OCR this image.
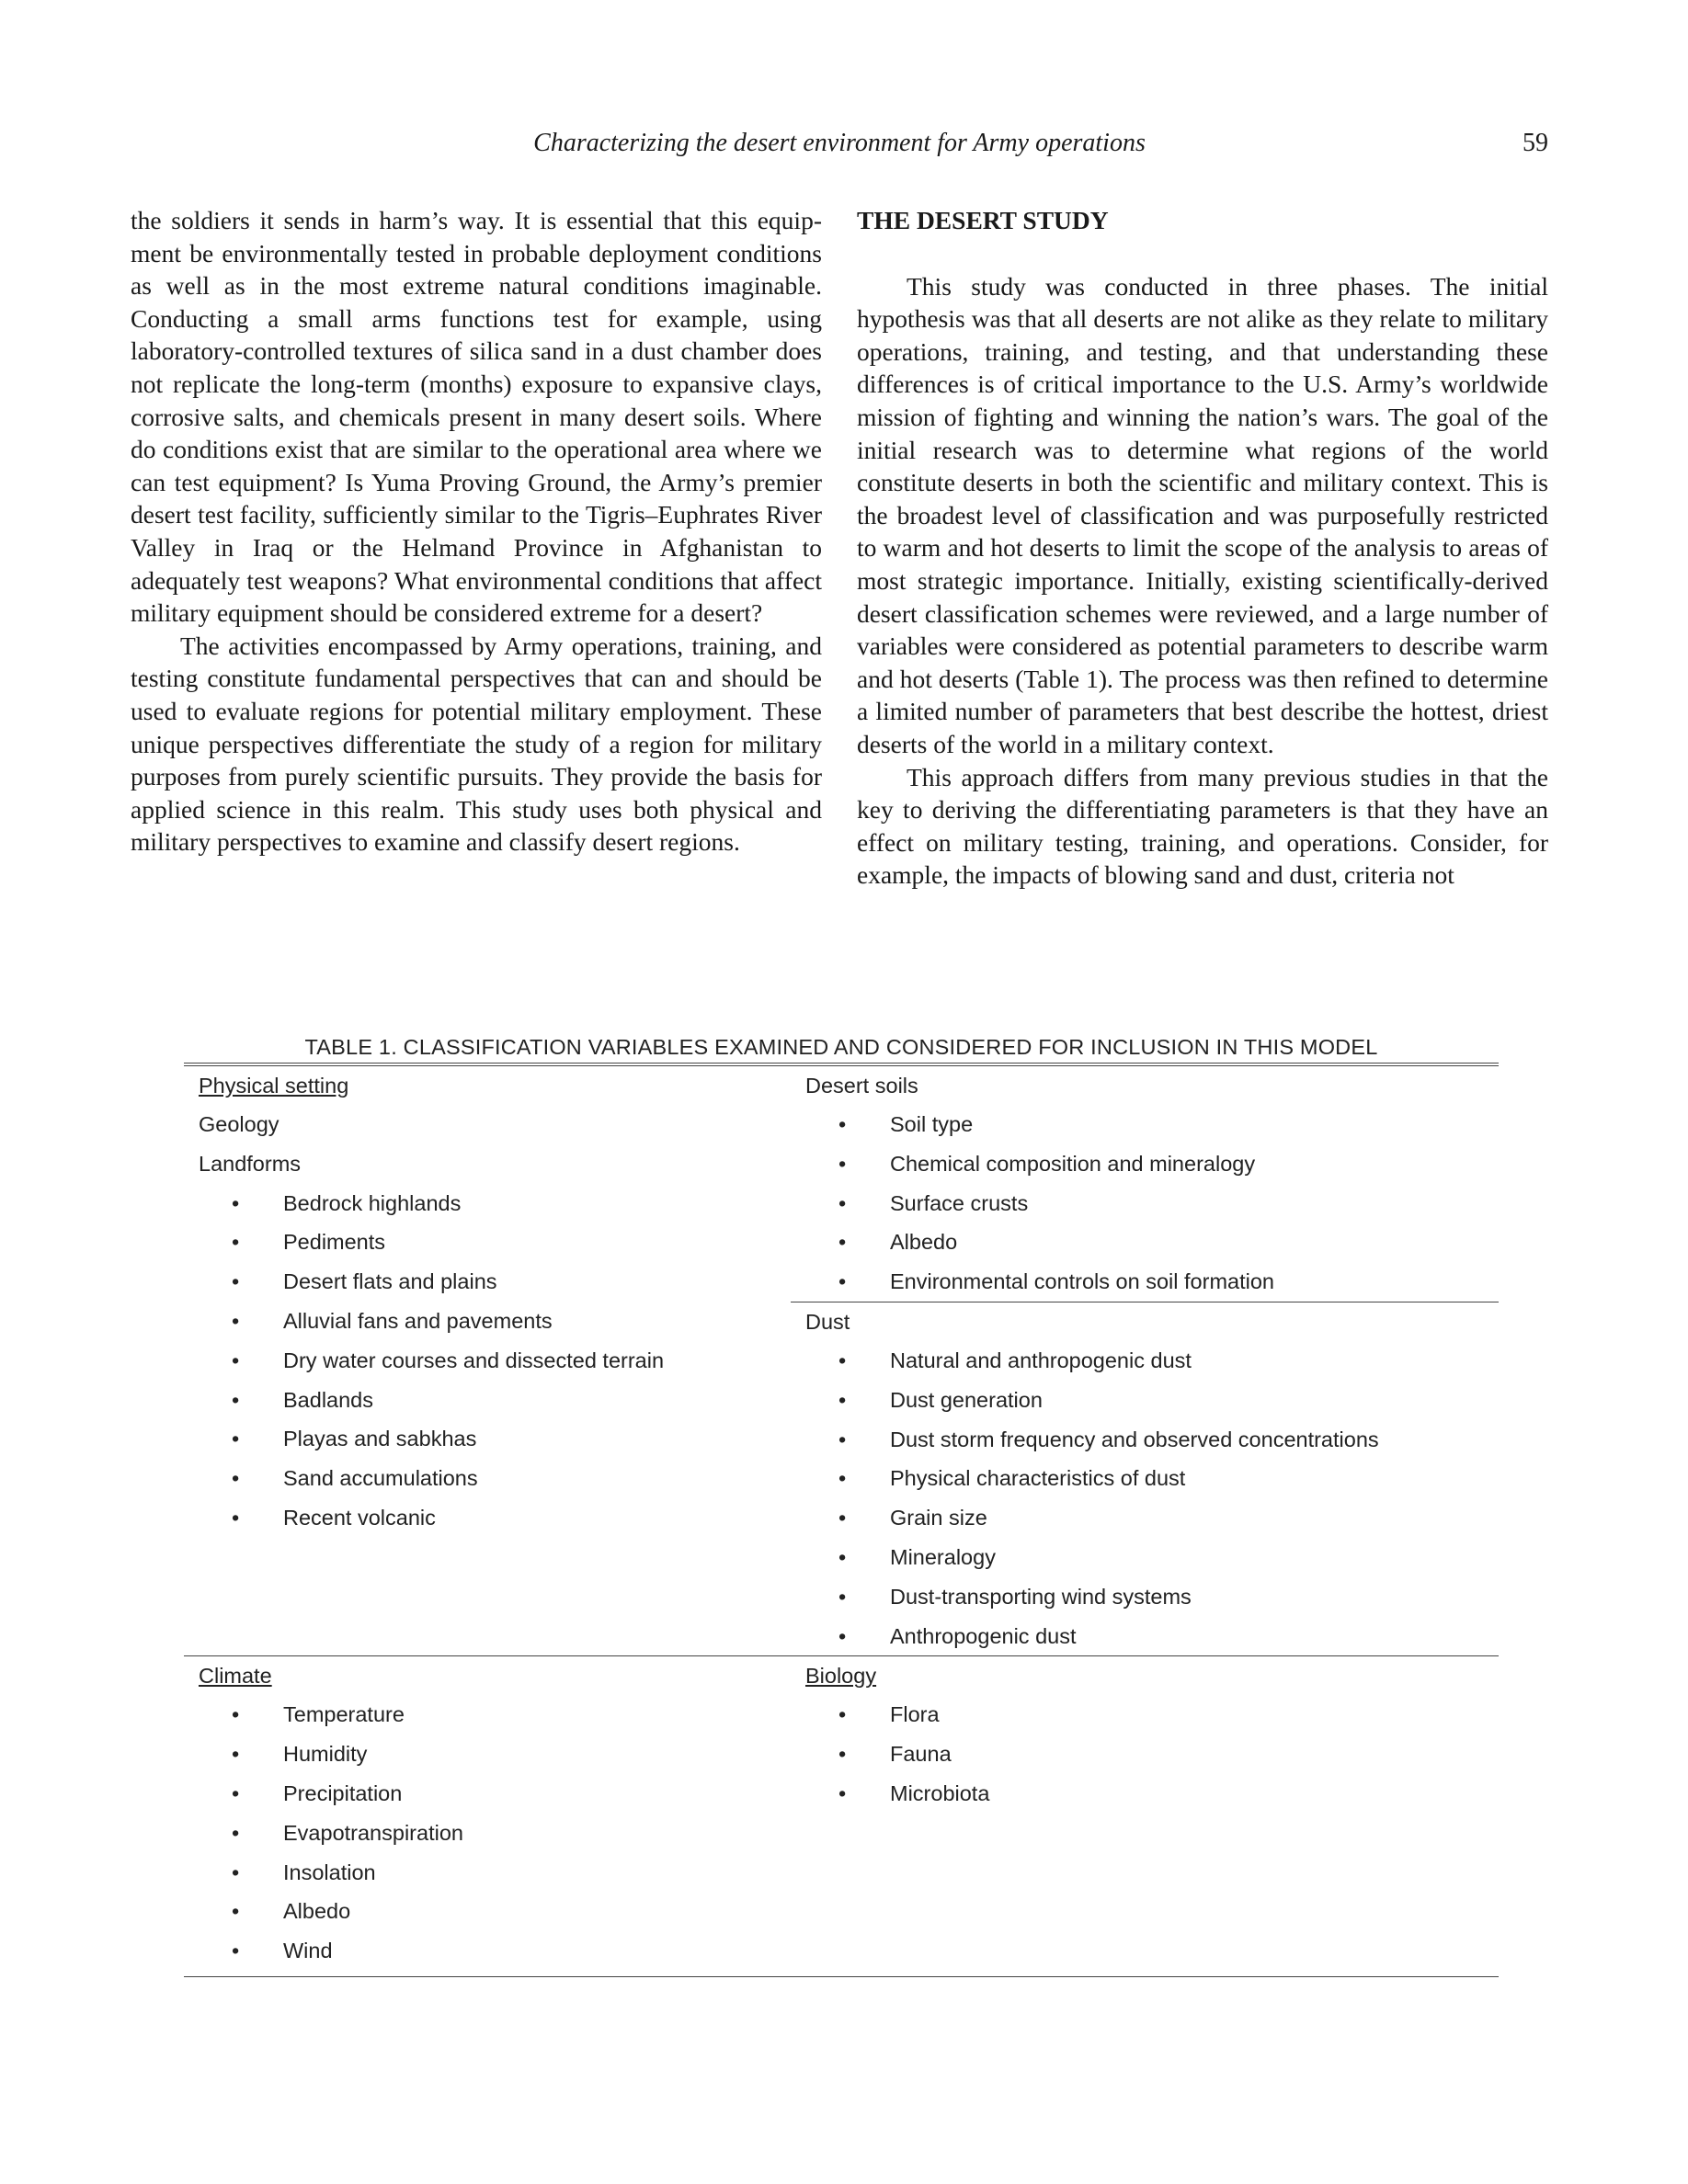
Characterizing the desert environment for Army operations	59

the soldiers it sends in harm’s way. It is essential that this equipment be environmentally tested in probable deployment conditions as well as in the most extreme natural conditions imaginable. Conducting a small arms functions test for example, using laboratory-controlled textures of silica sand in a dust chamber does not replicate the long-term (months) exposure to expansive clays, corrosive salts, and chemicals present in many desert soils. Where do conditions exist that are similar to the operational area where we can test equipment? Is Yuma Proving Ground, the Army’s premier desert test facility, sufficiently similar to the Tigris–Euphrates River Valley in Iraq or the Helmand Province in Afghanistan to adequately test weapons? What environmental conditions that affect military equipment should be considered extreme for a desert?

The activities encompassed by Army operations, training, and testing constitute fundamental perspectives that can and should be used to evaluate regions for potential military employment. These unique perspectives differentiate the study of a region for military purposes from purely scientific pursuits. They provide the basis for applied science in this realm. This study uses both physical and military perspectives to examine and classify desert regions.

THE DESERT STUDY

This study was conducted in three phases. The initial hypothesis was that all deserts are not alike as they relate to military operations, training, and testing, and that understanding these differences is of critical importance to the U.S. Army’s worldwide mission of fighting and winning the nation’s wars. The goal of the initial research was to determine what regions of the world constitute deserts in both the scientific and military context. This is the broadest level of classification and was purposefully restricted to warm and hot deserts to limit the scope of the analysis to areas of most strategic importance. Initially, existing scientifically-derived desert classification schemes were reviewed, and a large number of variables were considered as potential parameters to describe warm and hot deserts (Table 1). The process was then refined to determine a limited number of parameters that best describe the hottest, driest deserts of the world in a military context.

This approach differs from many previous studies in that the key to deriving the differentiating parameters is that they have an effect on military testing, training, and operations. Consider, for example, the impacts of blowing sand and dust, criteria not

TABLE 1. CLASSIFICATION VARIABLES EXAMINED AND CONSIDERED FOR INCLUSION IN THIS MODEL
Physical setting
Geology
Landforms
• Bedrock highlands
• Pediments
• Desert flats and plains
• Alluvial fans and pavements
• Dry water courses and dissected terrain
• Badlands
• Playas and sabkhas
• Sand accumulations
• Recent volcanic
Desert soils
• Soil type
• Chemical composition and mineralogy
• Surface crusts
• Albedo
• Environmental controls on soil formation
Dust
• Natural and anthropogenic dust
• Dust generation
• Dust storm frequency and observed concentrations
• Physical characteristics of dust
• Grain size
• Mineralogy
• Dust-transporting wind systems
• Anthropogenic dust
Climate
• Temperature
• Humidity
• Precipitation
• Evapotranspiration
• Insolation
• Albedo
• Wind
Biology
• Flora
• Fauna
• Microbiota
